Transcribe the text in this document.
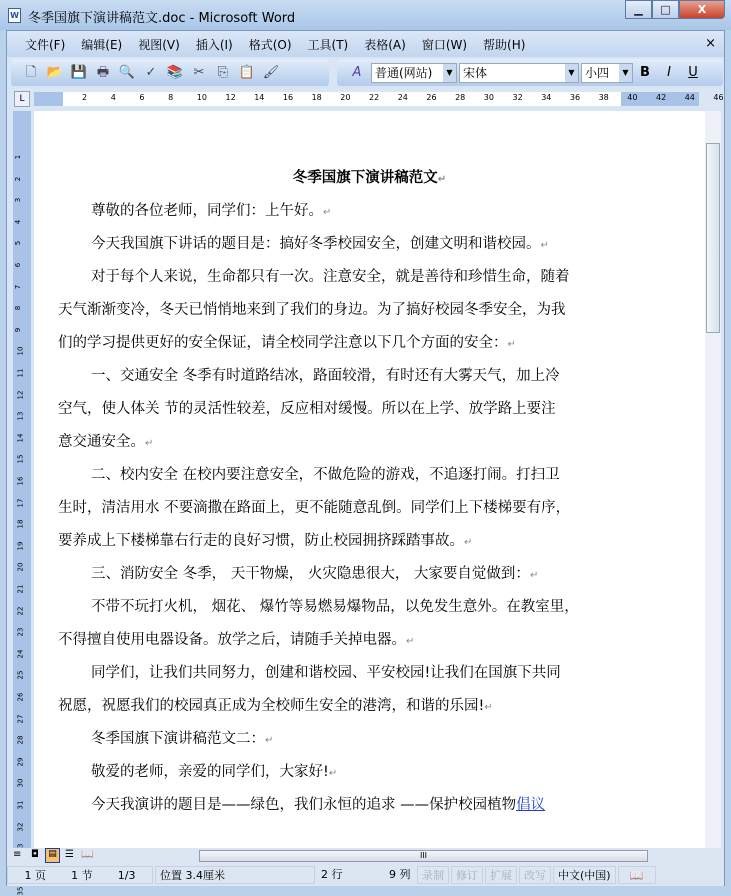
W 冬季国旗下演讲稿范文.doc - Microsoft Word
▁	□	X
文件(F) 编辑(E) 视图(V) 插入(I) 格式(O) 工具(T) 表格(A) 窗口(W) 帮助(H)	×
🗋 📂 💾 🖶 🔍 ✓ 📚 ✂	⎘ 📋 🖌	A	普通(网站)	▼ 宋体	▼ 小四	▼ B	I	U
L	2	4	6	8	10 12 14 16 18 20 22 24 26 28 30 32 34 36 38 40 42 44 46
1
2
3
4
5
6
7
8
9
10
11
12
13
14
15
16
17
18
19
20
21
22
23
24
25
26
27
28
29
30
31
32
35
冬季国旗下演讲稿范文↵
尊敬的各位老师，同学们：上午好。↵
今天我国旗下讲话的题目是：搞好冬季校园安全，创建文明和谐校园。↵
对于每个人来说，生命都只有一次。注意安全，就是善待和珍惜生命，随着
天气渐渐变冷，冬天已悄悄地来到了我们的身边。为了搞好校园冬季安全，为我
们的学习提供更好的安全保证，请全校同学注意以下几个方面的安全：↵
一、交通安全 冬季有时道路结冰，路面较滑，有时还有大雾天气，加上冷
空气，使人体关 节的灵活性较差，反应相对缓慢。所以在上学、放学路上要注
意交通安全。↵
二、校内安全 在校内要注意安全，不做危险的游戏，不追逐打闹。打扫卫
生时，清洁用水 不要滴撒在路面上，更不能随意乱倒。同学们上下楼梯要有序，
要养成上下楼梯靠右行走的良好习惯，防止校园拥挤踩踏事故。↵
三、消防安全 冬季， 天干物燥， 火灾隐患很大， 大家要自觉做到：↵
不带不玩打火机， 烟花、 爆竹等易燃易爆物品，以免发生意外。在教室里，
不得擅自使用电器设备。放学之后，请随手关掉电器。↵
同学们，让我们共同努力，创建和谐校园、平安校园!让我们在国旗下共同
祝愿，祝愿我们的校园真正成为全校师生安全的港湾，和谐的乐园!↵
冬季国旗下演讲稿范文二：↵
敬爱的老师，亲爱的同学们，大家好!↵
今天我演讲的题目是——绿色，我们永恒的追求 ——保护校园植物倡议
≡ ◘	▤ ☰ 📖	III
1 页 1 节 1/3	位置 3.4厘米	2 行	9 列	录制	修订	扩展	改写	中文(中国)	📖
